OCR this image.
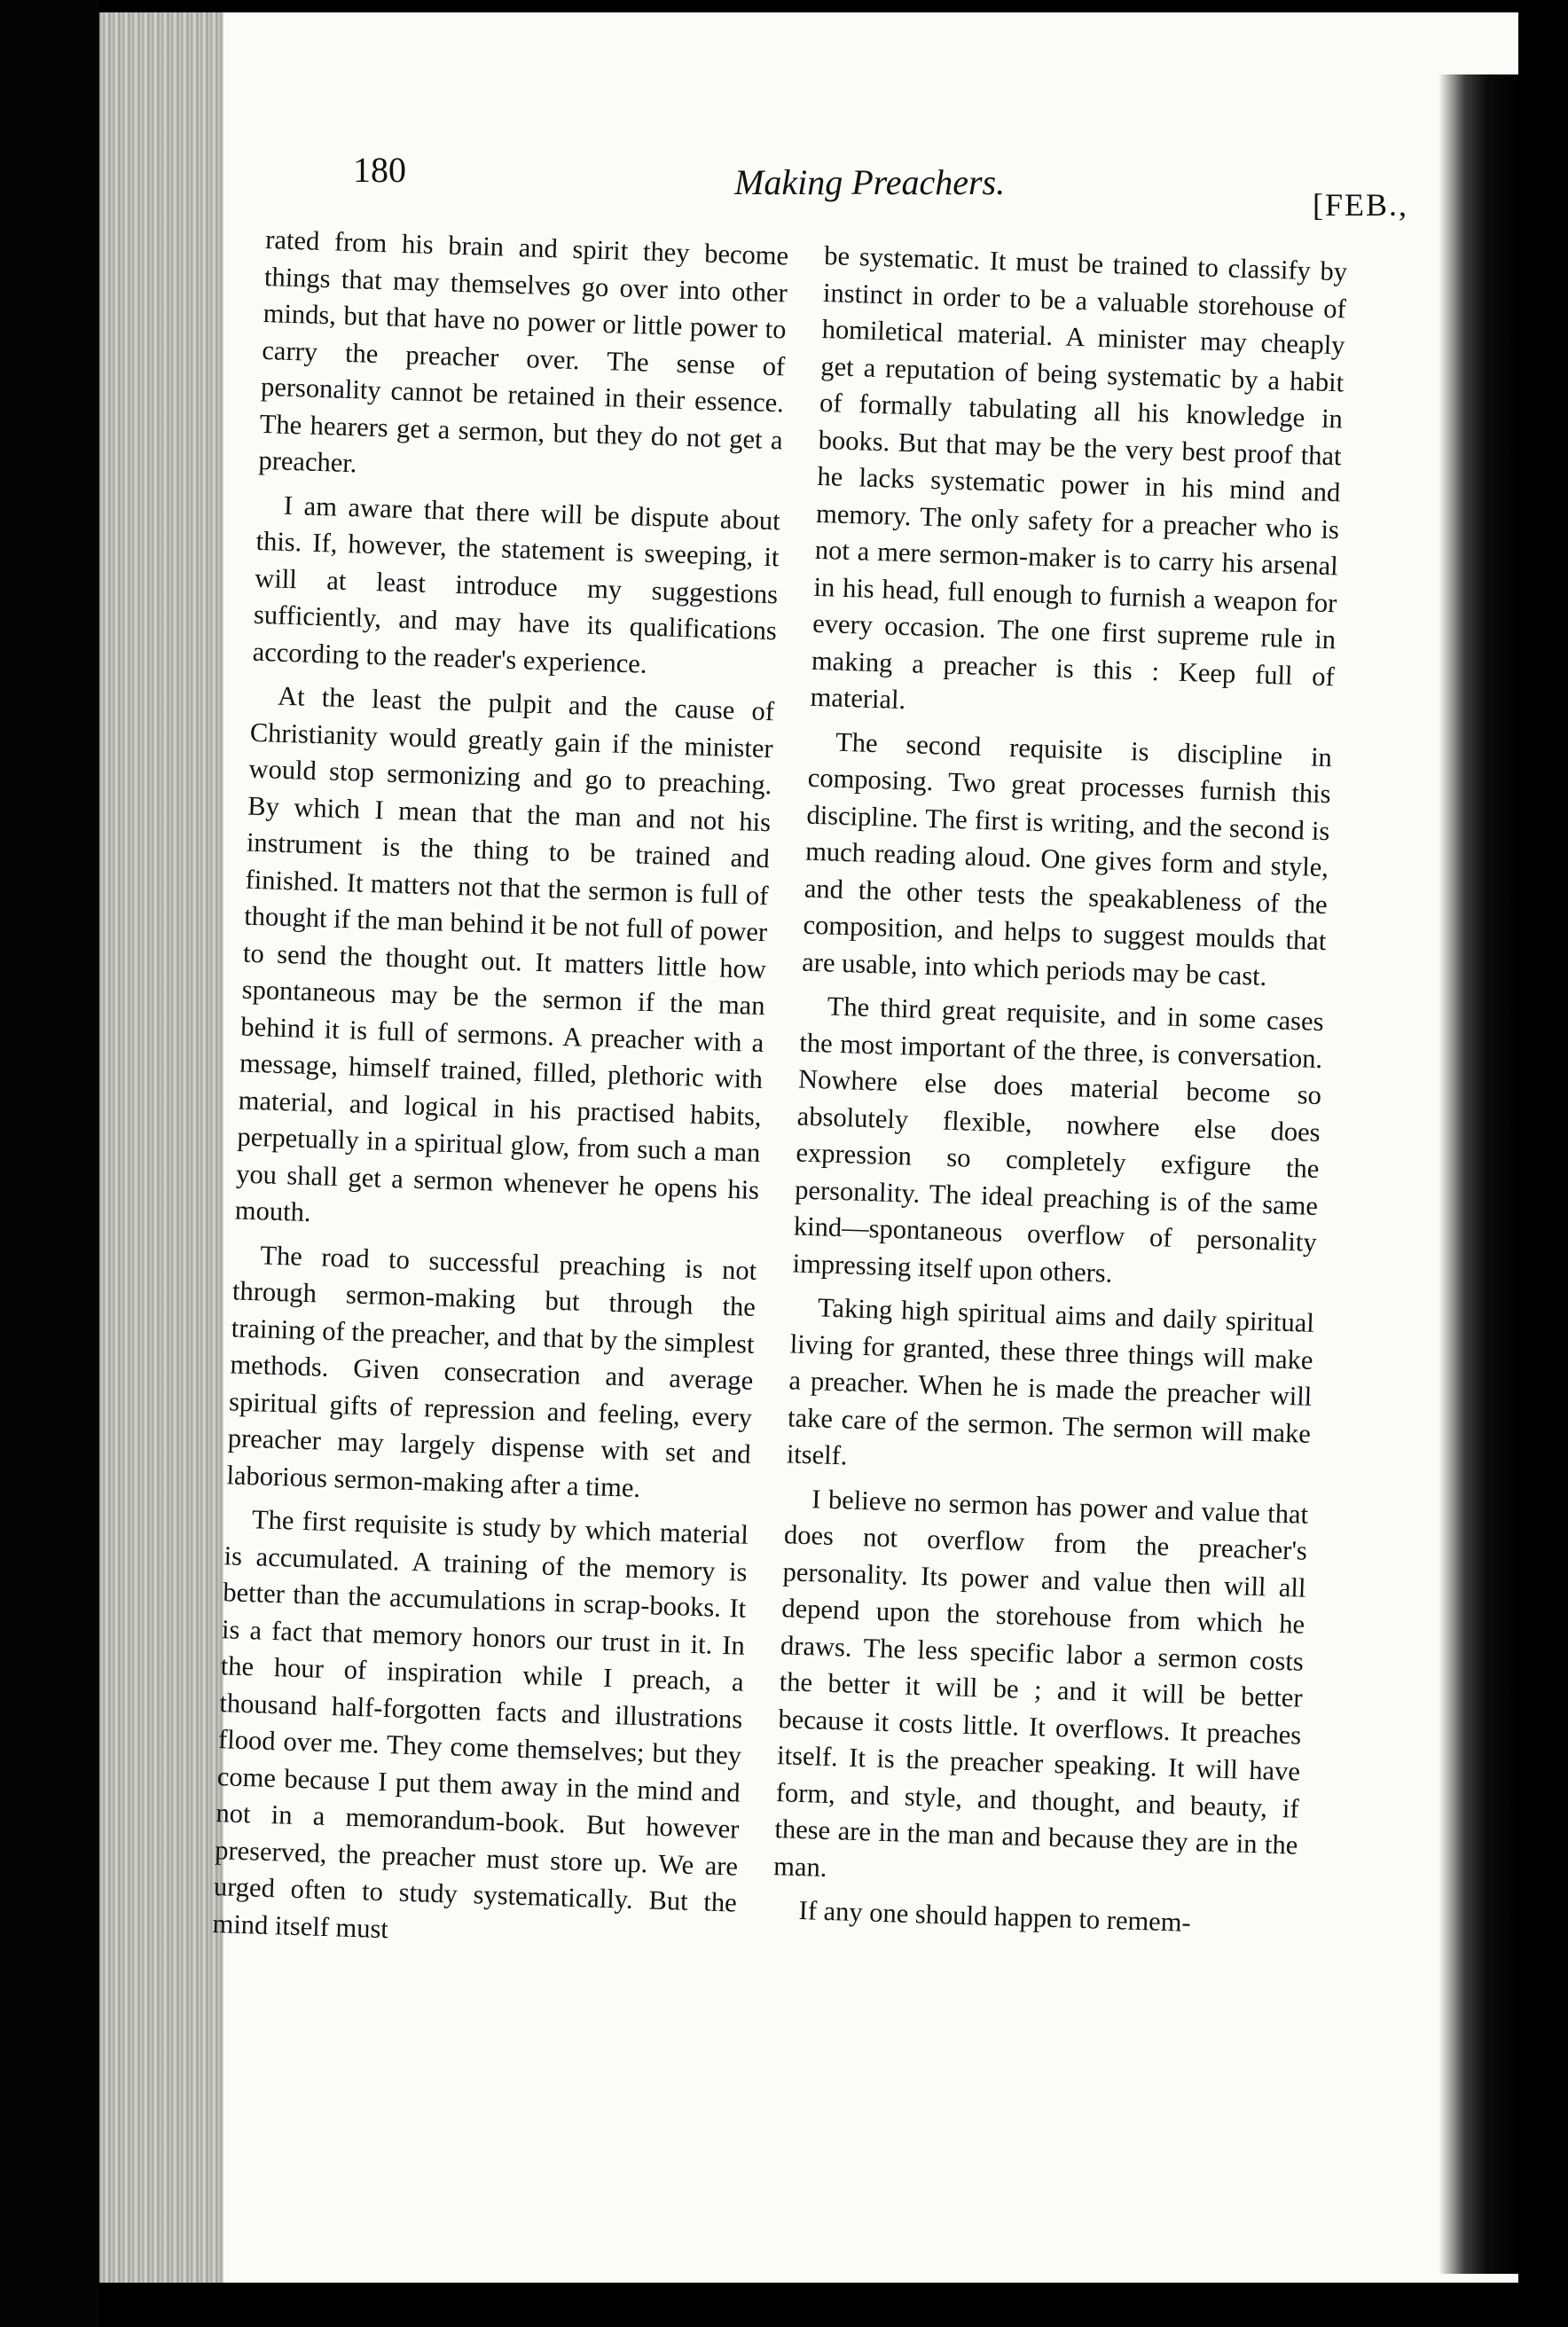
180	Making Preachers.
[FEB.,

rated from his brain and spirit they become things that may themselves go over into other minds, but that have no power or little power to carry the preacher over. The sense of personality cannot be retained in their essence. The hearers get a sermon, but they do not get a preacher.

I am aware that there will be dispute about this. If, however, the statement is sweeping, it will at least introduce my suggestions sufficiently, and may have its qualifications according to the reader's experience.

At the least the pulpit and the cause of Christianity would greatly gain if the minister would stop sermonizing and go to preaching. By which I mean that the man and not his instrument is the thing to be trained and finished. It matters not that the sermon is full of thought if the man behind it be not full of power to send the thought out. It matters little how spontaneous may be the sermon if the man behind it is full of sermons. A preacher with a message, himself trained, filled, plethoric with material, and logical in his practised habits, perpetually in a spiritual glow, from such a man you shall get a sermon whenever he opens his mouth.

The road to successful preaching is not through sermon-making but through the training of the preacher, and that by the simplest methods. Given consecration and average spiritual gifts of repression and feeling, every preacher may largely dispense with set and laborious sermon-making after a time.

The first requisite is study by which material is accumulated. A training of the memory is better than the accumulations in scrap-books. It is a fact that memory honors our trust in it. In the hour of inspiration while I preach, a thousand half-forgotten facts and illustrations flood over me. They come themselves; but they come because I put them away in the mind and not in a memorandum-book. But however preserved, the preacher must store up. We are urged often to study systematically. But the mind itself must

be systematic. It must be trained to classify by instinct in order to be a valuable storehouse of homiletical material. A minister may cheaply get a reputation of being systematic by a habit of formally tabulating all his knowledge in books. But that may be the very best proof that he lacks systematic power in his mind and memory. The only safety for a preacher who is not a mere sermon-maker is to carry his arsenal in his head, full enough to furnish a weapon for every occasion. The one first supreme rule in making a preacher is this : Keep full of material.

The second requisite is discipline in composing. Two great processes furnish this discipline. The first is writing, and the second is much reading aloud. One gives form and style, and the other tests the speakableness of the composition, and helps to suggest moulds that are usable, into which periods may be cast.

The third great requisite, and in some cases the most important of the three, is conversation. Nowhere else does material become so absolutely flexible, nowhere else does expression so completely exfigure the personality. The ideal preaching is of the same kind—spontaneous overflow of personality impressing itself upon others.

Taking high spiritual aims and daily spiritual living for granted, these three things will make a preacher. When he is made the preacher will take care of the sermon. The sermon will make itself.

I believe no sermon has power and value that does not overflow from the preacher's personality. Its power and value then will all depend upon the storehouse from which he draws. The less specific labor a sermon costs the better it will be ; and it will be better because it costs little. It overflows. It preaches itself. It is the preacher speaking. It will have form, and style, and thought, and beauty, if these are in the man and because they are in the man.

If any one should happen to remem-
